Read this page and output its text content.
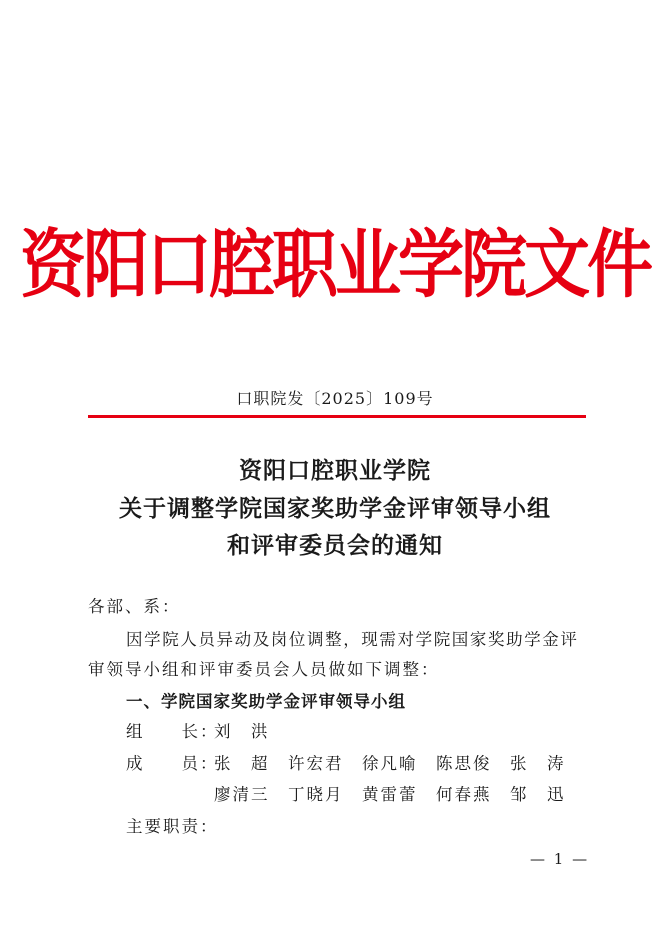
资阳口腔职业学院文件
口职院发〔2025〕109号
资阳口腔职业学院
关于调整学院国家奖助学金评审领导小组
和评审委员会的通知
各部、系：
因学院人员异动及岗位调整，现需对学院国家奖助学金评
审领导小组和评审委员会人员做如下调整：
一、学院国家奖助学金评审领导小组
组　　长：
刘　洪
成　　员：
张　超　许宏君　徐凡喻　陈思俊　张　涛
廖清三　丁晓月　黄雷蕾　何春燕　邹　迅
主要职责：
— 1 —
